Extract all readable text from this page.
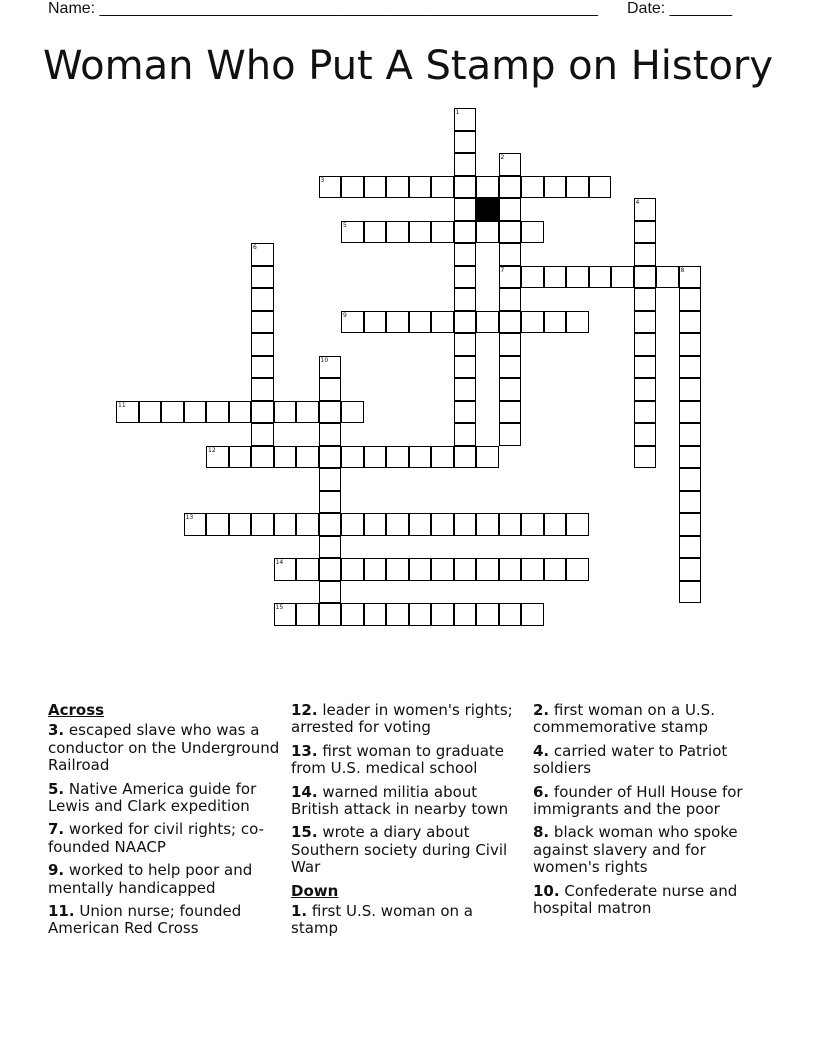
Name: ________________________________________________________ Date: _______
Woman Who Put A Stamp on History
1
2
7
3
4
5
6
8
9
10
11
12
13
14
15
Across
3. escaped slave who was a conductor on the Underground Railroad
5. Native America guide for Lewis and Clark expedition
7. worked for civil rights; co-founded NAACP
9. worked to help poor and mentally handicapped
11. Union nurse; founded American Red Cross
12. leader in women's rights; arrested for voting
13. first woman to graduate from U.S. medical school
14. warned militia about British attack in nearby town
15. wrote a diary about Southern society during Civil War
Down
1. first U.S. woman on a stamp
2. first woman on a U.S. commemorative stamp
4. carried water to Patriot soldiers
6. founder of Hull House for immigrants and the poor
8. black woman who spoke against slavery and for women's rights
10. Confederate nurse and hospital matron
